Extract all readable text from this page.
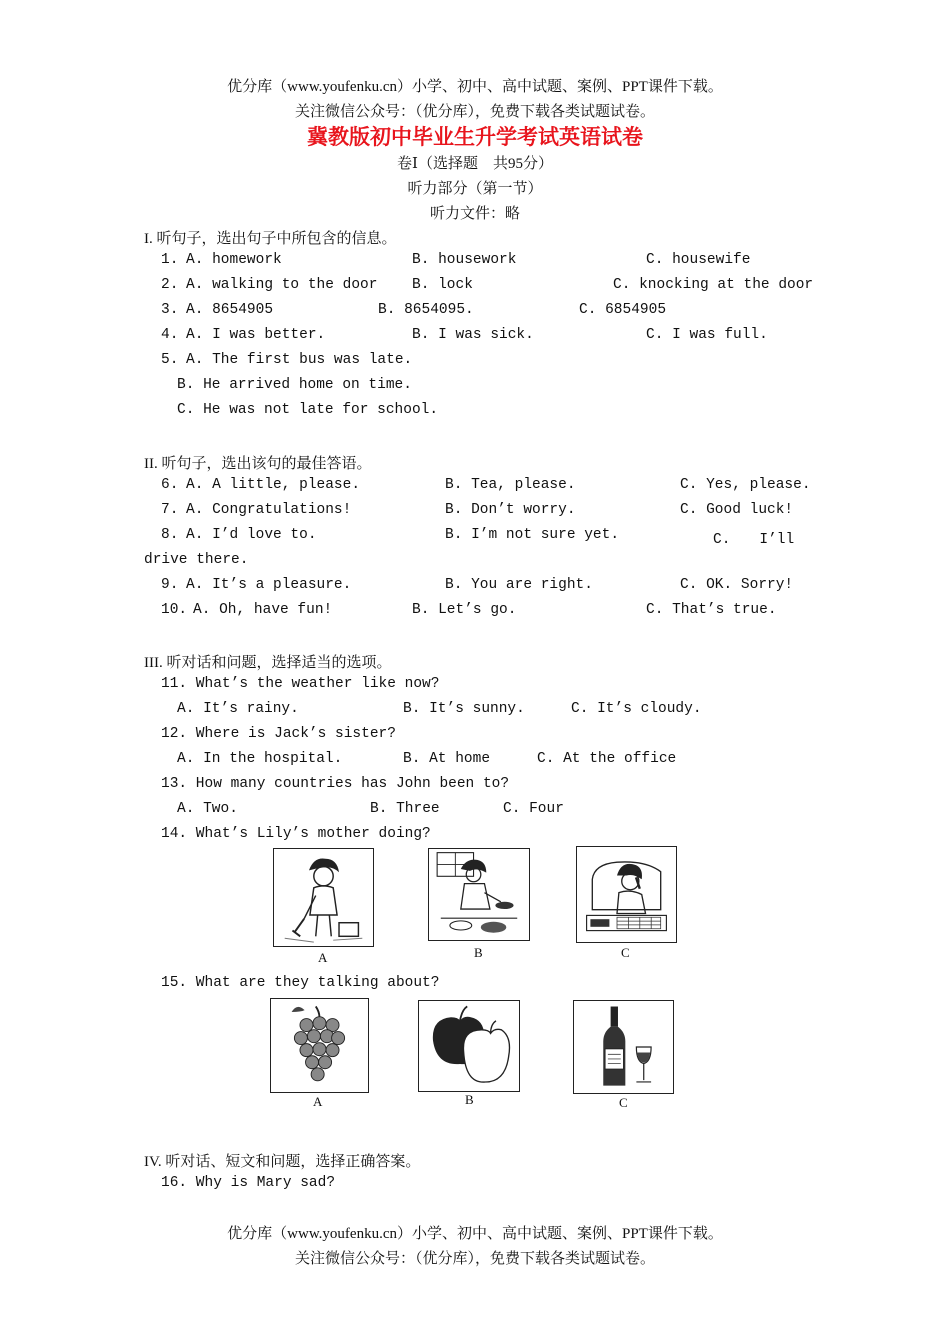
优分库（www.youfenku.cn）小学、初中、高中试题、案例、PPT课件下载。
关注微信公众号：（优分库），免费下载各类试题试卷。
冀教版初中毕业生升学考试英语试卷
卷Ⅰ（选择题　共95分）
听力部分（第一节）
听力文件：略
I. 听句子，选出句子中所包含的信息。
1. A. homework	B. housework	C. housewife
2. A. walking to the door B. lock	C. knocking at the door
3. A. 8654905	B. 8654095.	C. 6854905
4. A. I was better.	B. I was sick.	C. I was full.
5. A. The first bus was late.
B. He arrived home on time.
C. He was not late for school.
II. 听句子，选出该句的最佳答语。
6. A. A little, please.	B. Tea, please.	C. Yes, please.
7. A. Congratulations!	B. Don’t worry.	C. Good luck!
8. A. I’d love to.	B. I’m not sure yet.	C.　　I’ll
drive there.
9. A. It’s a pleasure.	B. You are right.	C. OK. Sorry!
10. A. Oh, have fun!	B. Let’s go.	C. That’s true.
III. 听对话和问题，选择适当的选项。
11. What’s the weather like now?
A. It’s rainy.	B. It’s sunny.	C. It’s cloudy.
12. Where is Jack’s sister?
A. In the hospital.	B. At home	C. At the office
13. How many countries has John been to?
A. Two.	B. Three	C. Four
14. What’s Lily’s mother doing?
A	B	C
15. What are they talking about?
A	B	C
IV. 听对话、短文和问题，选择正确答案。
16. Why is Mary sad?
优分库（www.youfenku.cn）小学、初中、高中试题、案例、PPT课件下载。
关注微信公众号：（优分库），免费下载各类试题试卷。
